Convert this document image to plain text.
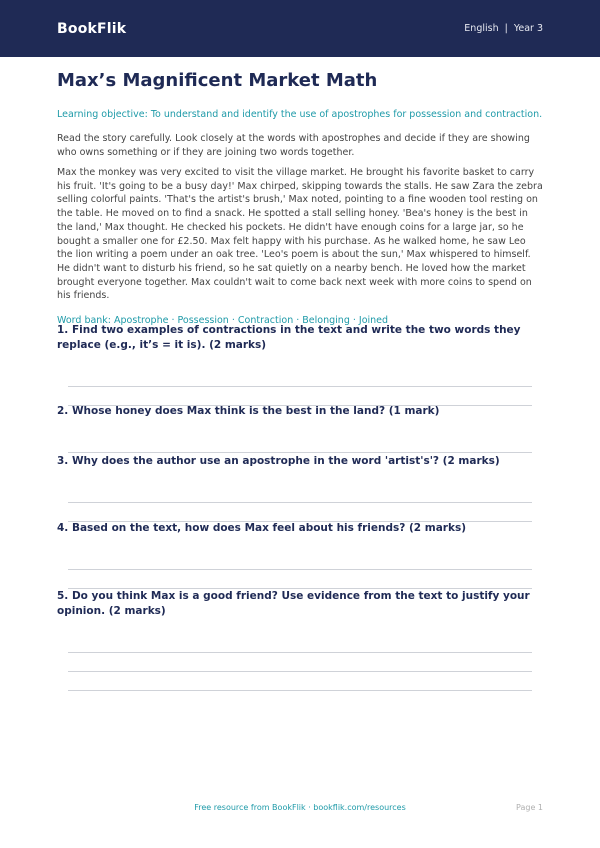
BookFlik	English | Year 3
Max’s Magnificent Market Math
Learning objective: To understand and identify the use of apostrophes for possession and contraction.
Read the story carefully. Look closely at the words with apostrophes and decide if they are showing who owns something or if they are joining two words together.
Max the monkey was very excited to visit the village market. He brought his favorite basket to carry his fruit. 'It's going to be a busy day!' Max chirped, skipping towards the stalls. He saw Zara the zebra selling colorful paints. 'That's the artist's brush,' Max noted, pointing to a fine wooden tool resting on the table. He moved on to find a snack. He spotted a stall selling honey. 'Bea's honey is the best in the land,' Max thought. He checked his pockets. He didn't have enough coins for a large jar, so he bought a smaller one for £2.50. Max felt happy with his purchase. As he walked home, he saw Leo the lion writing a poem under an oak tree. 'Leo's poem is about the sun,' Max whispered to himself. He didn't want to disturb his friend, so he sat quietly on a nearby bench. He loved how the market brought everyone together. Max couldn't wait to come back next week with more coins to spend on his friends.
Word bank: Apostrophe · Possession · Contraction · Belonging · Joined
1. Find two examples of contractions in the text and write the two words they replace (e.g., it’s = it is). (2 marks)
2. Whose honey does Max think is the best in the land? (1 mark)
3. Why does the author use an apostrophe in the word 'artist's'? (2 marks)
4. Based on the text, how does Max feel about his friends? (2 marks)
5. Do you think Max is a good friend? Use evidence from the text to justify your opinion. (2 marks)
Free resource from BookFlik · bookflik.com/resources	Page 1
